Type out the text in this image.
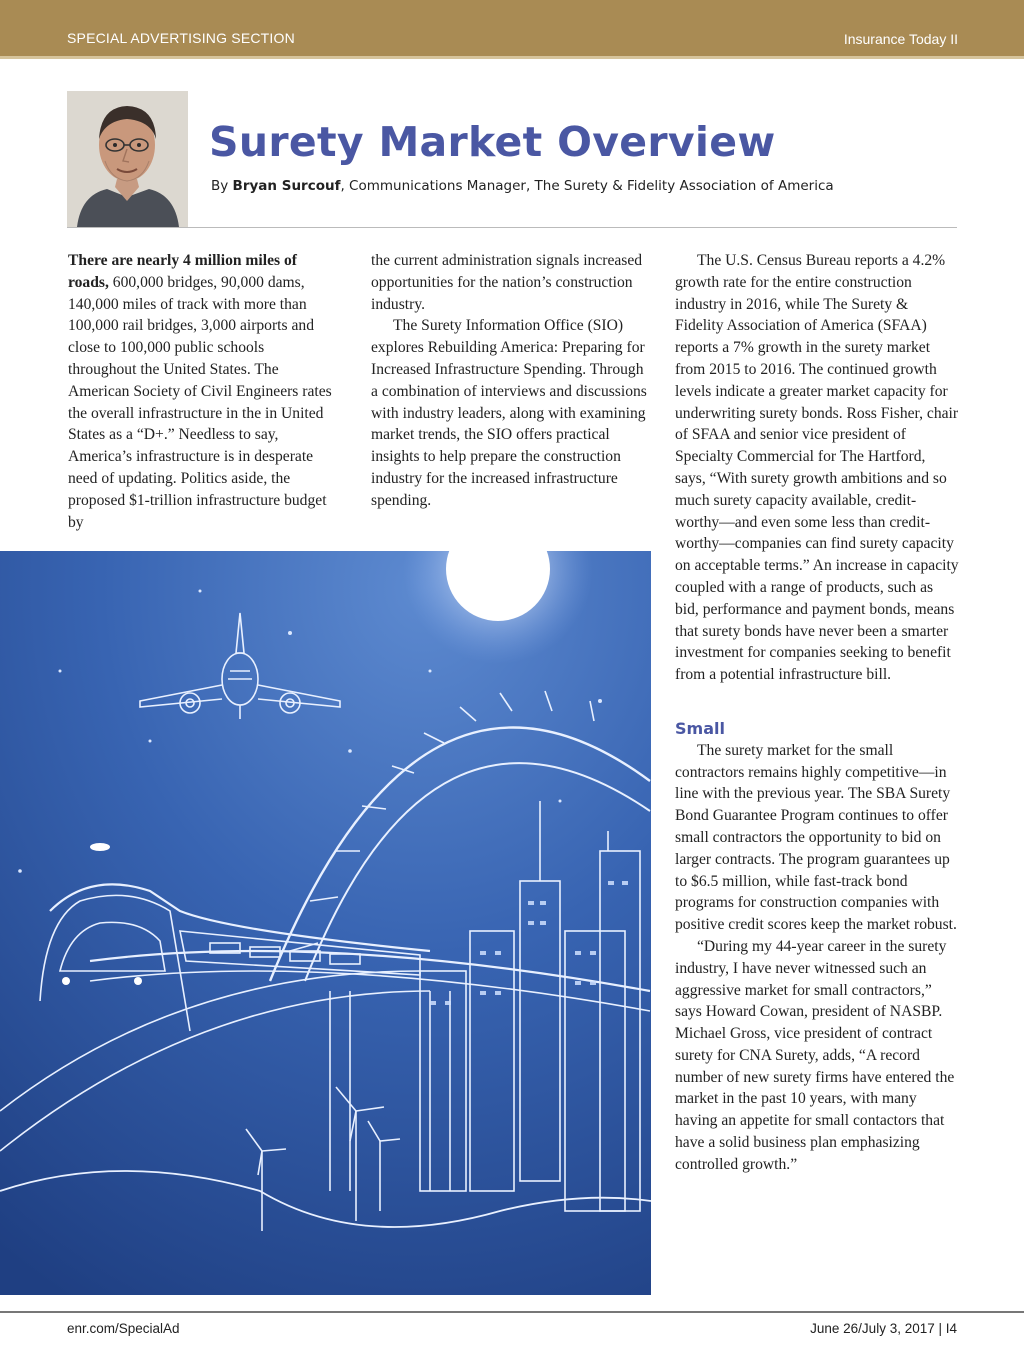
SPECIAL ADVERTISING SECTION	Insurance Today II
Surety Market Overview
By Bryan Surcouf, Communications Manager, The Surety & Fidelity Association of America

There are nearly 4 million miles of roads, 600,000 bridges, 90,000 dams, 140,000 miles of track with more than 100,000 rail bridges, 3,000 airports and close to 100,000 public schools throughout the United States. The American Society of Civil Engineers rates the overall infrastructure in the in United States as a “D+.” Needless to say, America’s infrastructure is in desperate need of updating. Politics aside, the proposed $1-trillion infrastructure budget by

the current administration signals increased opportunities for the nation’s construction industry.

The Surety Information Office (SIO) explores Rebuilding America: Preparing for Increased Infrastructure Spending. Through a combination of interviews and discussions with industry leaders, along with examining market trends, the SIO offers practical insights to help prepare the construction industry for the increased infrastructure spending.

The U.S. Census Bureau reports a 4.2% growth rate for the entire construction industry in 2016, while The Surety & Fidelity Association of America (SFAA) reports a 7% growth in the surety market from 2015 to 2016. The continued growth levels indicate a greater market capacity for underwriting surety bonds. Ross Fisher, chair of SFAA and senior vice president of Specialty Commercial for The Hartford, says, “With surety growth ambitions and so much surety capacity available, credit-worthy—and even some less than credit-worthy—companies can find surety capacity on acceptable terms.” An increase in capacity coupled with a range of products, such as bid, performance and payment bonds, means that surety bonds have never been a smarter investment for companies seeking to benefit from a potential infrastructure bill.

Small

The surety market for the small contractors remains highly competitive—in line with the previous year. The SBA Surety Bond Guarantee Program continues to offer small contractors the opportunity to bid on larger contracts. The program guarantees up to $6.5 million, while fast-track bond programs for construction companies with positive credit scores keep the market robust.

“During my 44-year career in the surety industry, I have never witnessed such an aggressive market for small contractors,” says Howard Cowan, president of NASBP. Michael Gross, vice president of contract surety for CNA Surety, adds, “A record number of new surety firms have entered the market in the past 10 years, with many having an appetite for small contactors that have a solid business plan emphasizing controlled growth.”

enr.com/SpecialAd	June 26/July 3, 2017 | I4
